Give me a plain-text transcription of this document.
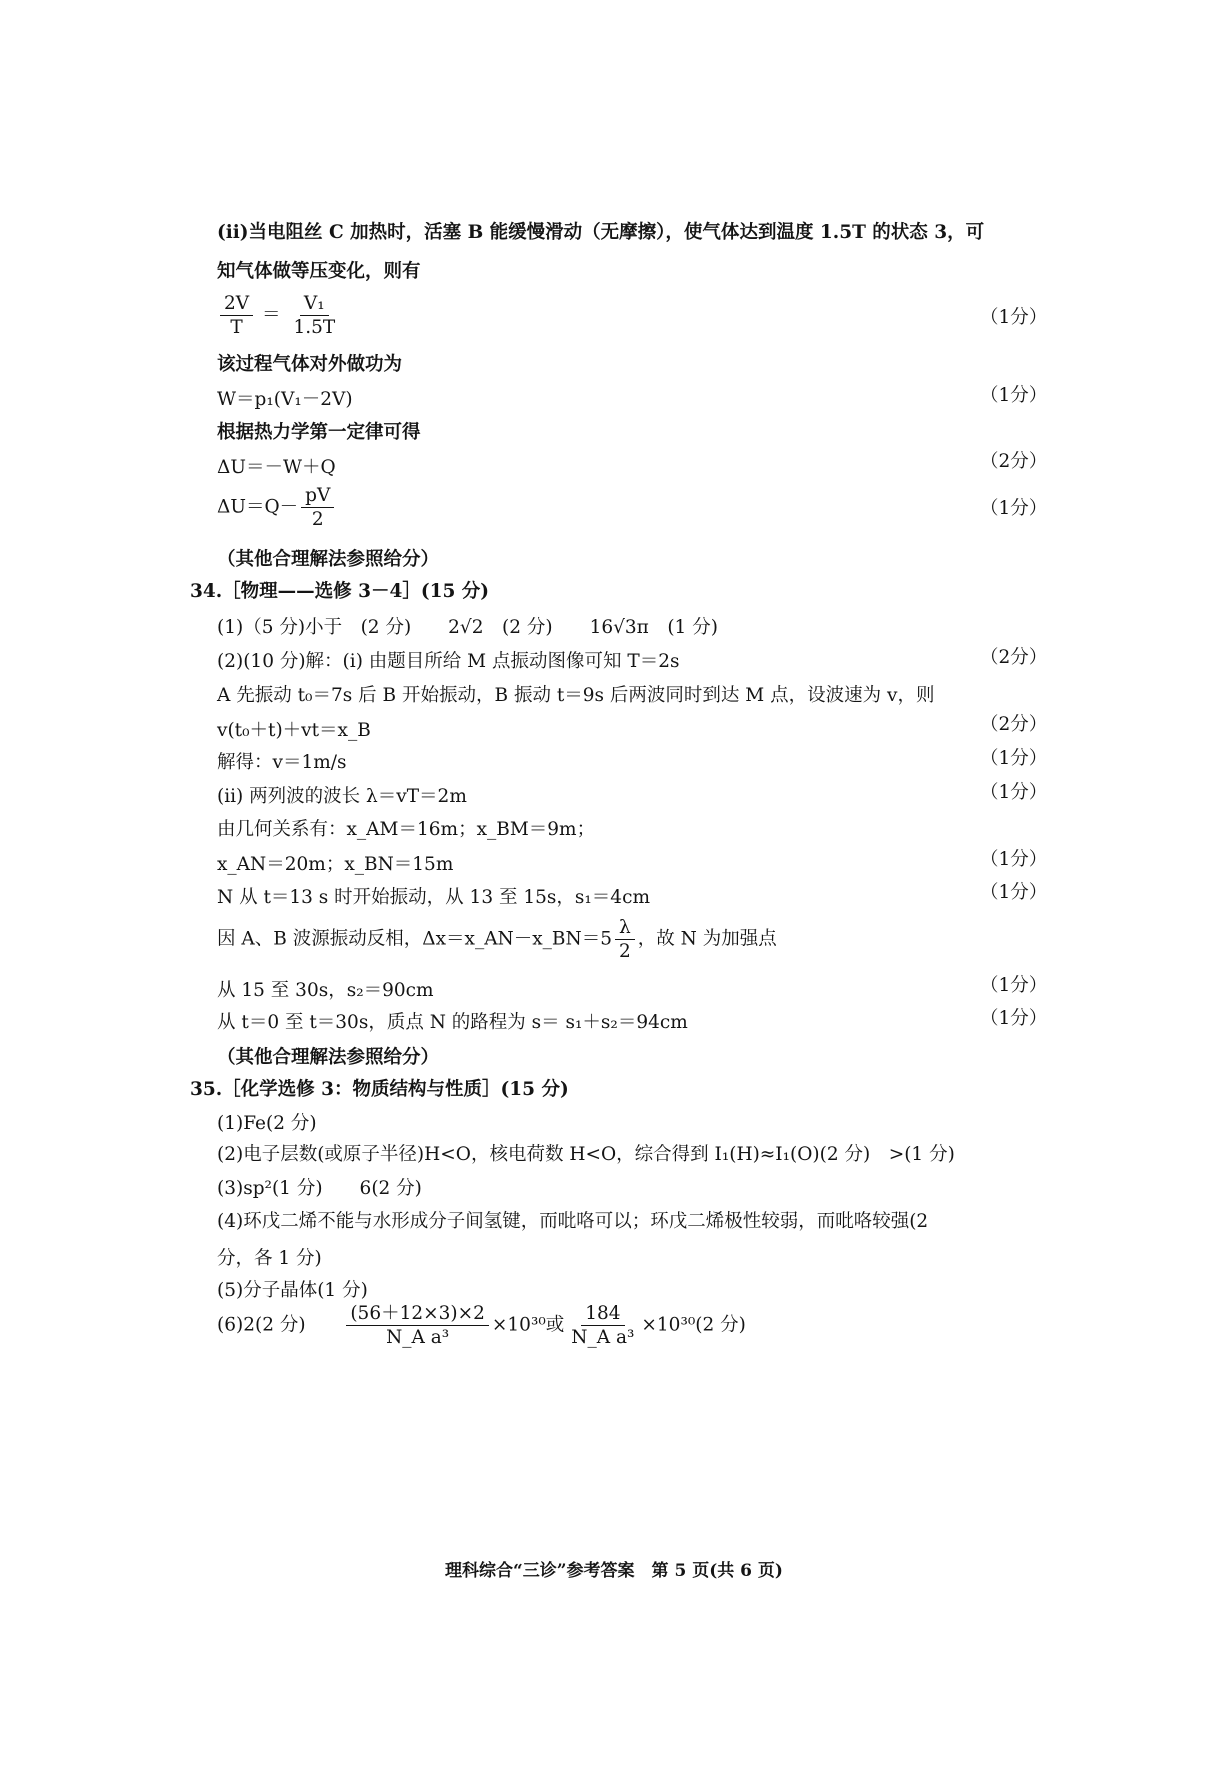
(ii)当电阻丝 C 加热时，活塞 B 能缓慢滑动（无摩擦），使气体达到温度 1.5T 的状态 3，可
知气体做等压变化，则有
$\frac{2V}{T} = \frac{\text{V₁}}{1.5T}$	（1分）
该过程气体对外做功为
W＝p₁(V₁－2V)	（1分）
根据热力学第一定律可得
ΔU＝－W＋Q	（2分）
$\Delta U=Q- \frac{pV}{2}$	（1分）
（其他合理解法参照给分）
34.［物理——选修 3－4］(15 分)
(1)（5 分)小于　(2 分)　　2√2　(2 分)　　16√3π　(1 分)
(2)(10 分)解：(i) 由题目所给 M 点振动图像可知 T＝2s	（2分）
A 先振动 t₀＝7s 后 B 开始振动，B 振动 t＝9s 后两波同时到达 M 点，设波速为 v，则
v(t₀＋t)＋vt＝x_B	（2分）
解得：v＝1m/s	（1分）
(ii) 两列波的波长 λ＝vT＝2m	（1分）
由几何关系有：x_AM＝16m；x_BM＝9m；
x_AN＝20m；x_BN＝15m	（1分）
N 从 t＝13 s 时开始振动，从 13 至 15s，s₁＝4cm	（1分）
因 A、B 波源振动反相，Δx＝x_AN－x_BN＝5 $\frac{\lambda}{2}$ ，故 N 为加强点
从 15 至 30s，s₂＝90cm	（1分）
从 t＝0 至 t＝30s，质点 N 的路程为 s＝ s₁＋s₂＝94cm	（1分）
（其他合理解法参照给分）
35.［化学选修 3：物质结构与性质］(15 分)
(1)Fe(2 分)
(2)电子层数(或原子半径)H<O，核电荷数 H<O，综合得到 I₁(H)≈I₁(O)(2 分)　>(1 分)
(3)sp²(1 分)　　6(2 分)
(4)环戊二烯不能与水形成分子间氢键，而吡咯可以；环戊二烯极性较弱，而吡咯较强(2
分，各 1 分)
(5)分子晶体(1 分)
(6)2(2 分) $\frac{(56+12\times 3)\times 2}{\text{N\_A a³}} \times 10^{30}$或 $\frac{184}{\text{N\_A a³}} \times 10^{30}(2$ 分)
理科综合“三诊”参考答案　第 5 页(共 6 页)
